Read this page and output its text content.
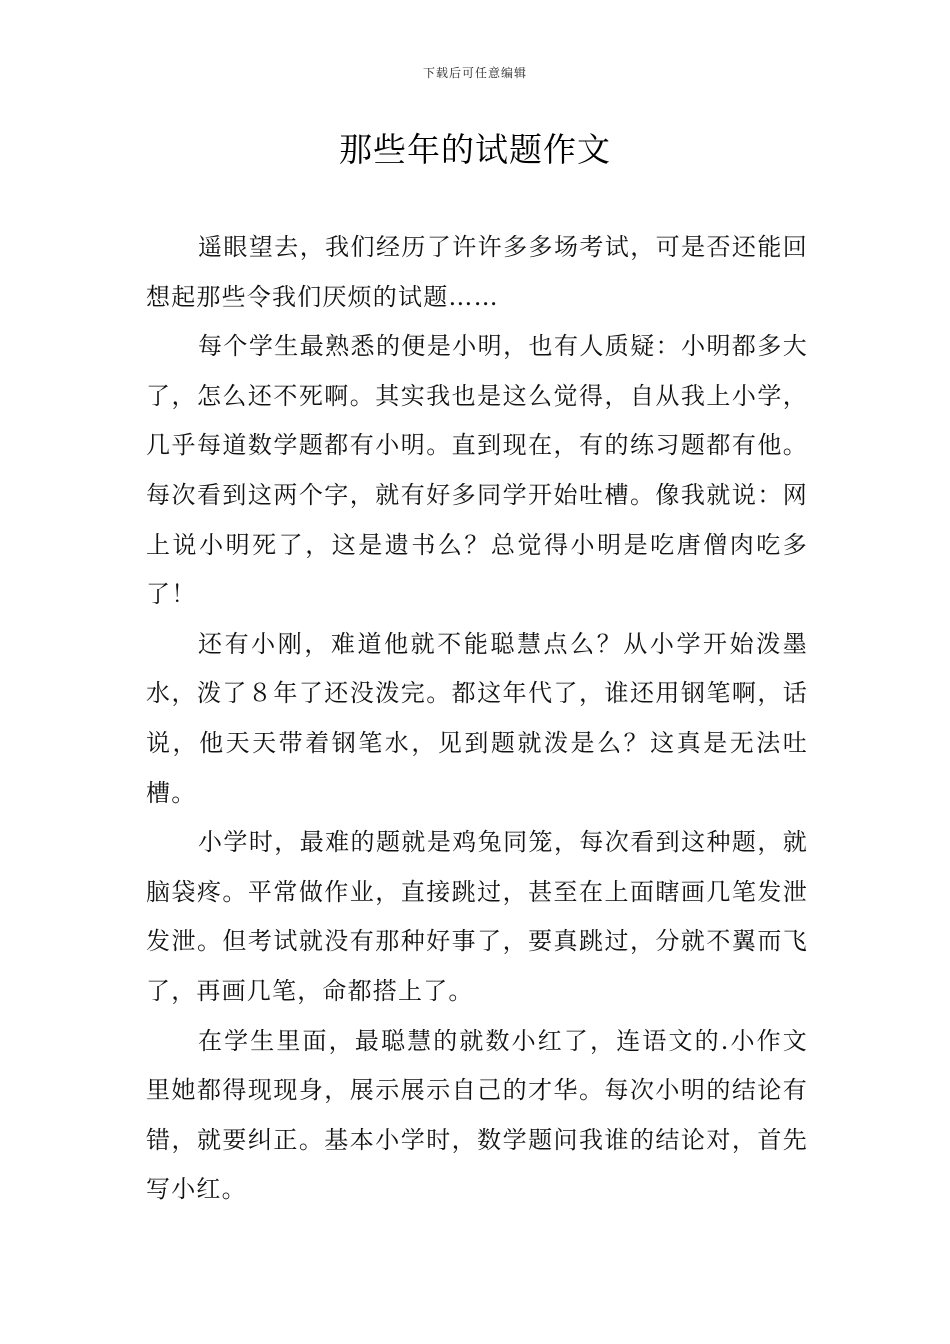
下载后可任意编辑
那些年的试题作文

遥眼望去，我们经历了许许多多场考试，可是否还能回想起那些令我们厌烦的试题……

每个学生最熟悉的便是小明，也有人质疑：小明都多大了，怎么还不死啊。其实我也是这么觉得，自从我上小学，几乎每道数学题都有小明。直到现在，有的练习题都有他。每次看到这两个字，就有好多同学开始吐槽。像我就说：网上说小明死了，这是遗书么？总觉得小明是吃唐僧肉吃多了！

还有小刚，难道他就不能聪慧点么？从小学开始泼墨水，泼了８年了还没泼完。都这年代了，谁还用钢笔啊，话说，他天天带着钢笔水，见到题就泼是么？这真是无法吐槽。

小学时，最难的题就是鸡兔同笼，每次看到这种题，就脑袋疼。平常做作业，直接跳过，甚至在上面瞎画几笔发泄发泄。但考试就没有那种好事了，要真跳过，分就不翼而飞了，再画几笔，命都搭上了。

在学生里面，最聪慧的就数小红了，连语文的.小作文里她都得现现身，展示展示自己的才华。每次小明的结论有错，就要纠正。基本小学时，数学题问我谁的结论对，首先写小红。
